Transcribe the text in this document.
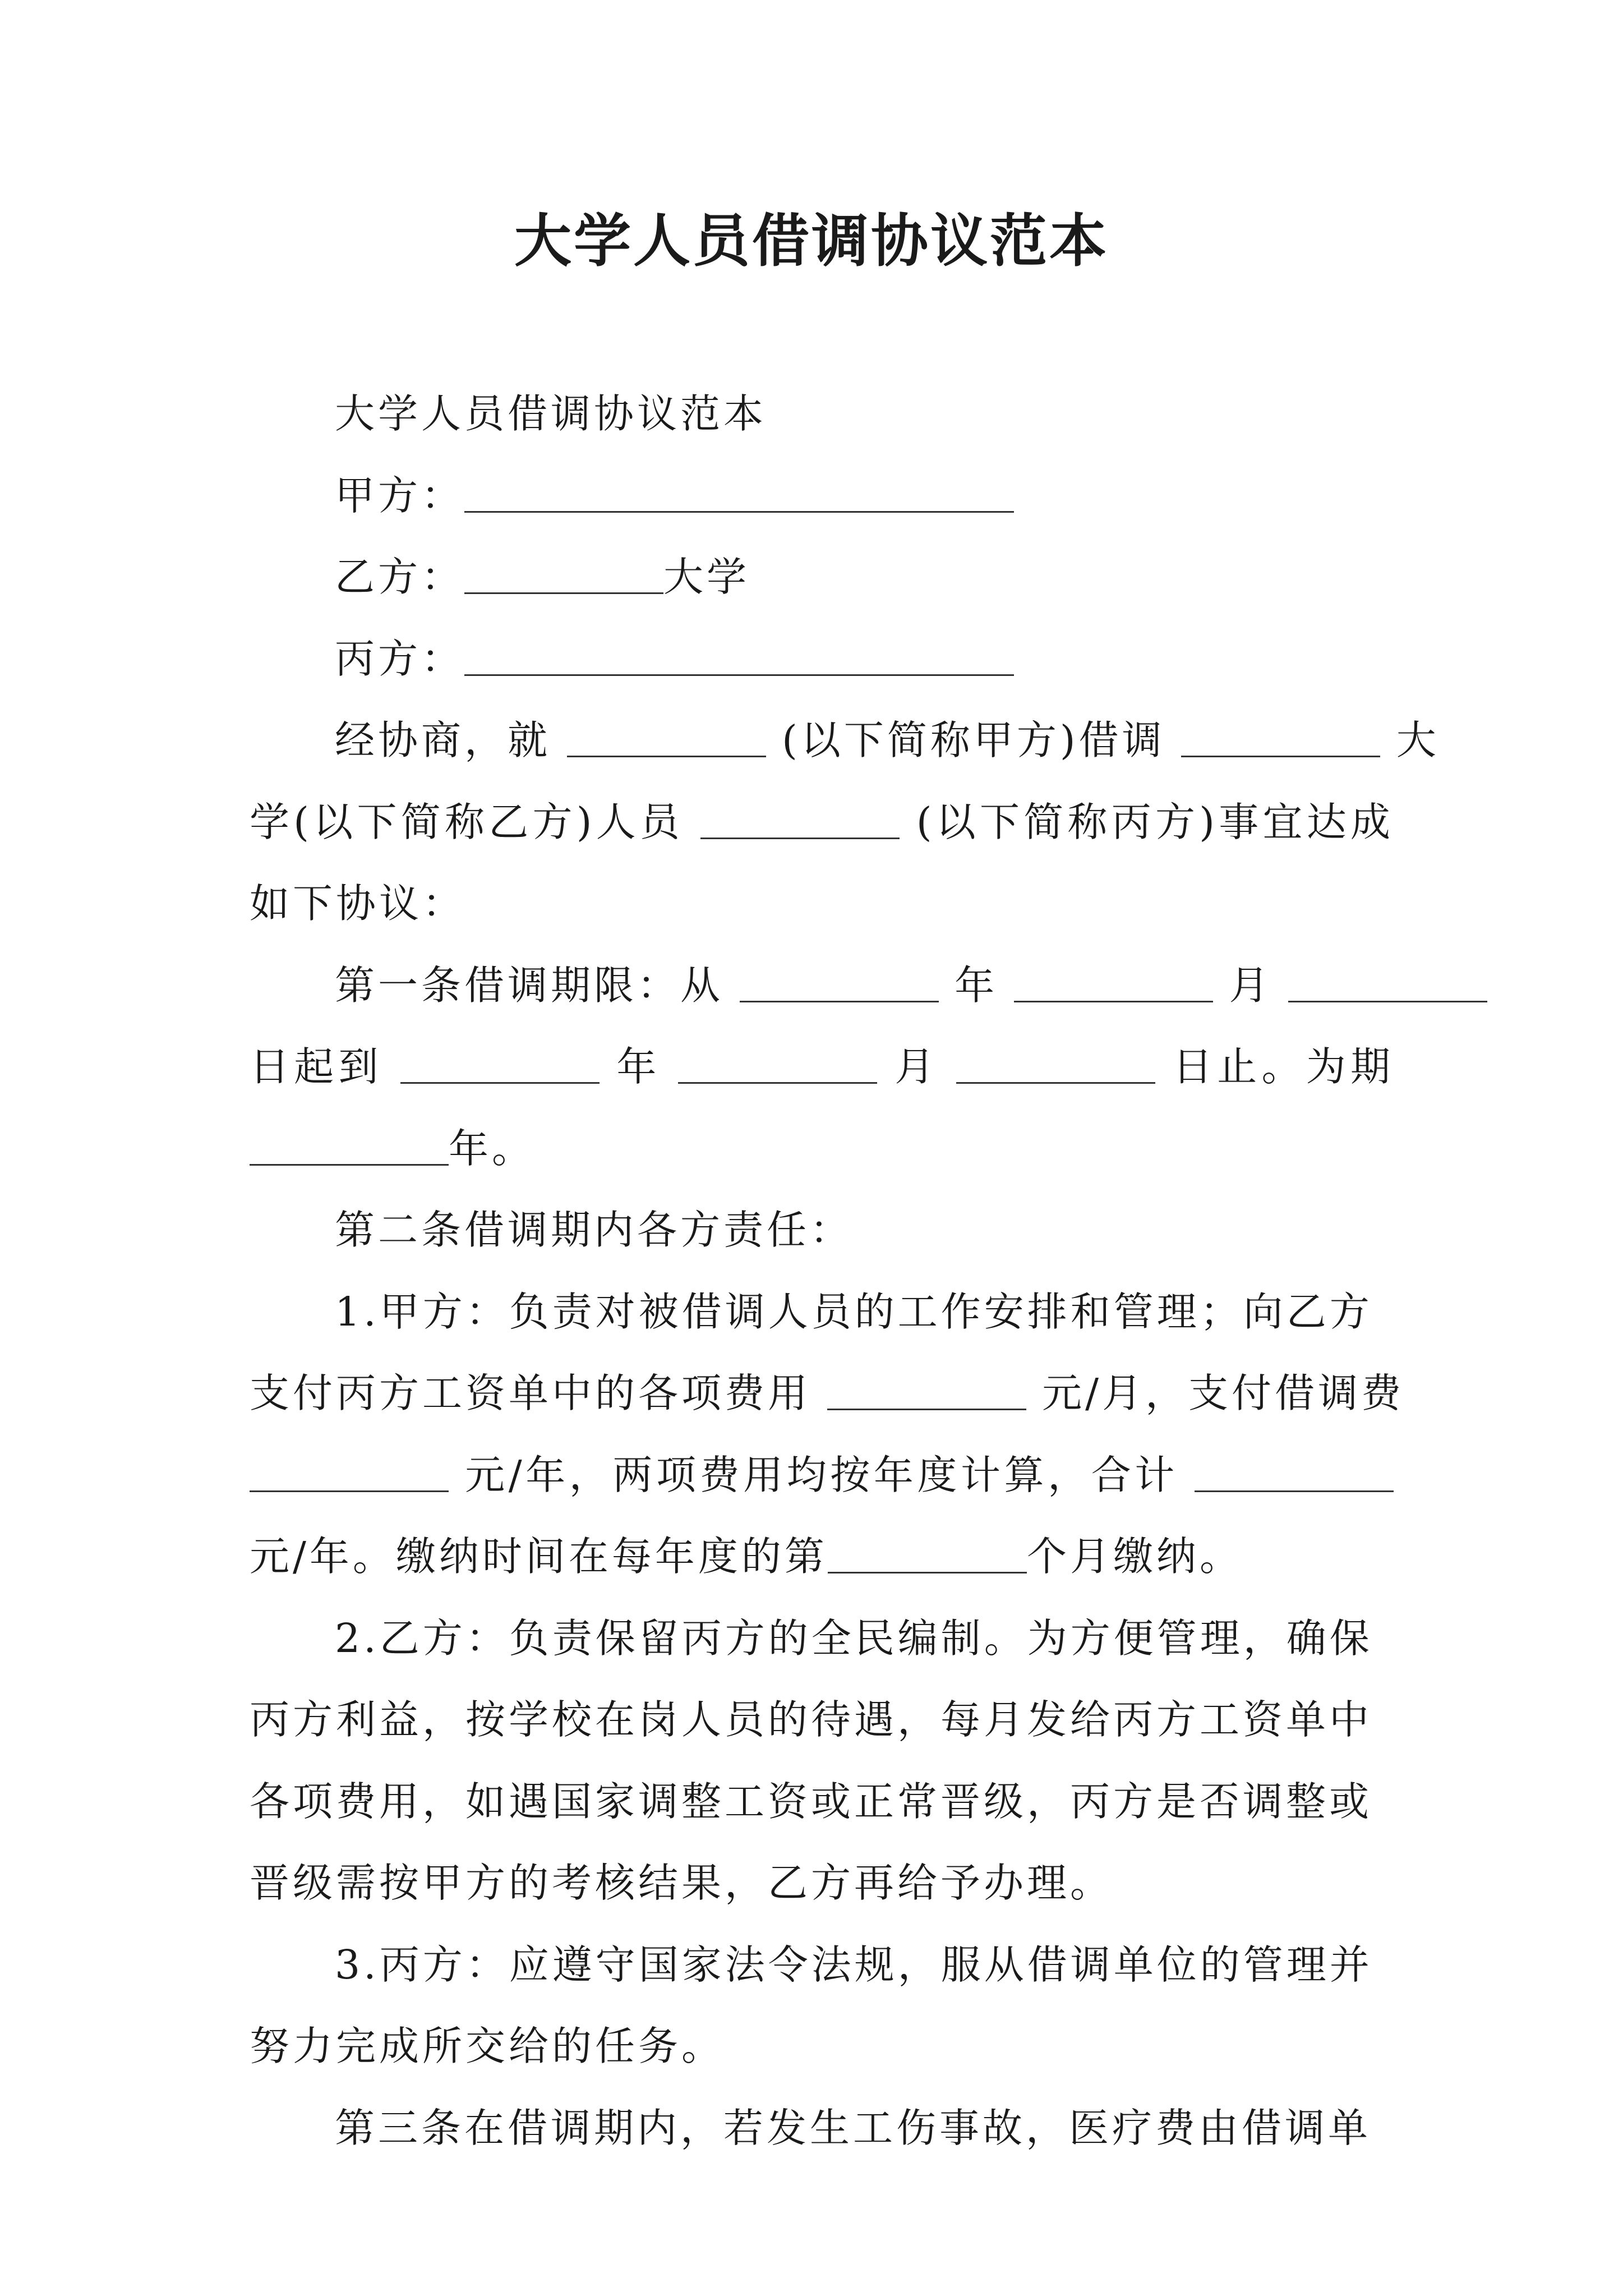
大学人员借调协议范本
大学人员借调协议范本
甲方：
乙方：	大学
丙方：
经协商，就	(以下简称甲方)借调	大
学(以下简称乙方)人员	(以下简称丙方)事宜达成
如下协议：
第一条借调期限：从	年	月
日起到	年	月	日止。为期
年。
第二条借调期内各方责任：
1.甲方：负责对被借调人员的工作安排和管理；向乙方
支付丙方工资单中的各项费用	元/月，支付借调费
元/年，两项费用均按年度计算，合计
元/年。缴纳时间在每年度的第	个月缴纳。
2.乙方：负责保留丙方的全民编制。为方便管理，确保
丙方利益，按学校在岗人员的待遇，每月发给丙方工资单中
各项费用，如遇国家调整工资或正常晋级，丙方是否调整或
晋级需按甲方的考核结果，乙方再给予办理。
3.丙方：应遵守国家法令法规，服从借调单位的管理并
努力完成所交给的任务。
第三条在借调期内，若发生工伤事故，医疗费由借调单
